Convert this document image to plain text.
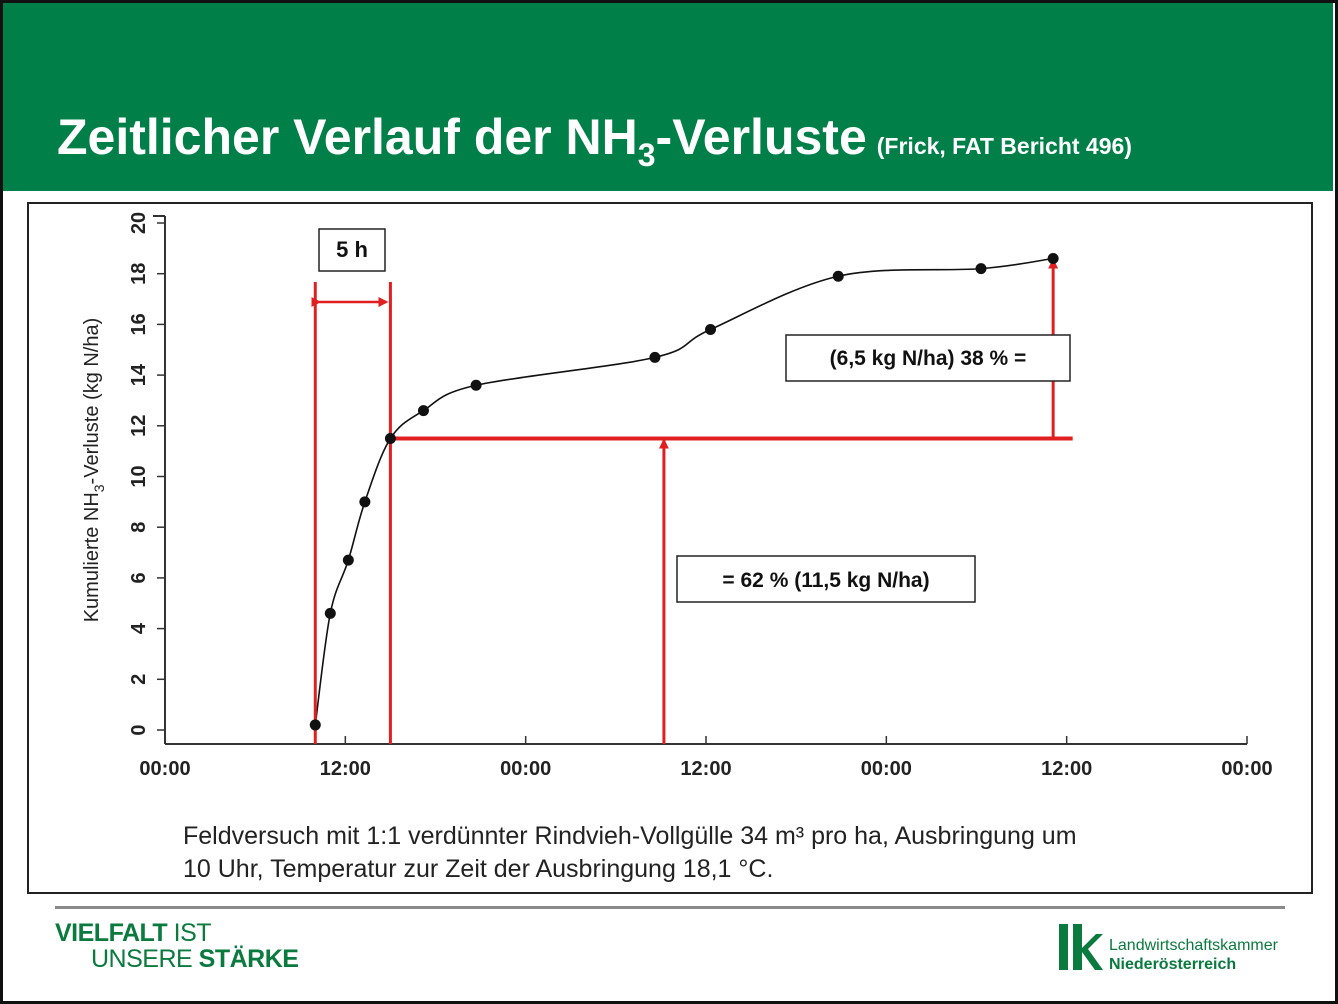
Zeitlicher Verlauf der $NH_3$-Verluste (Frick, FAT Bericht 496)
0
2
4
6
8
10
12
14
16
18
20
00:00	12:00	00:00	12:00	00:00	12:00	00:00
Kumulierte $NH_3$-Verluste (kg N/ha)
5 h
(6,5 kg N/ha) 38 % =
= 62 % (11,5 kg N/ha)
Feldversuch mit 1:1 verdünnter Rindvieh-Vollgülle 34 m³ pro ha, Ausbringung um
10 Uhr, Temperatur zur Zeit der Ausbringung 18,1 °C.
VIELFALT IST
UNSERE STÄRKE	Landwirtschaftskammer
Niederösterreich
